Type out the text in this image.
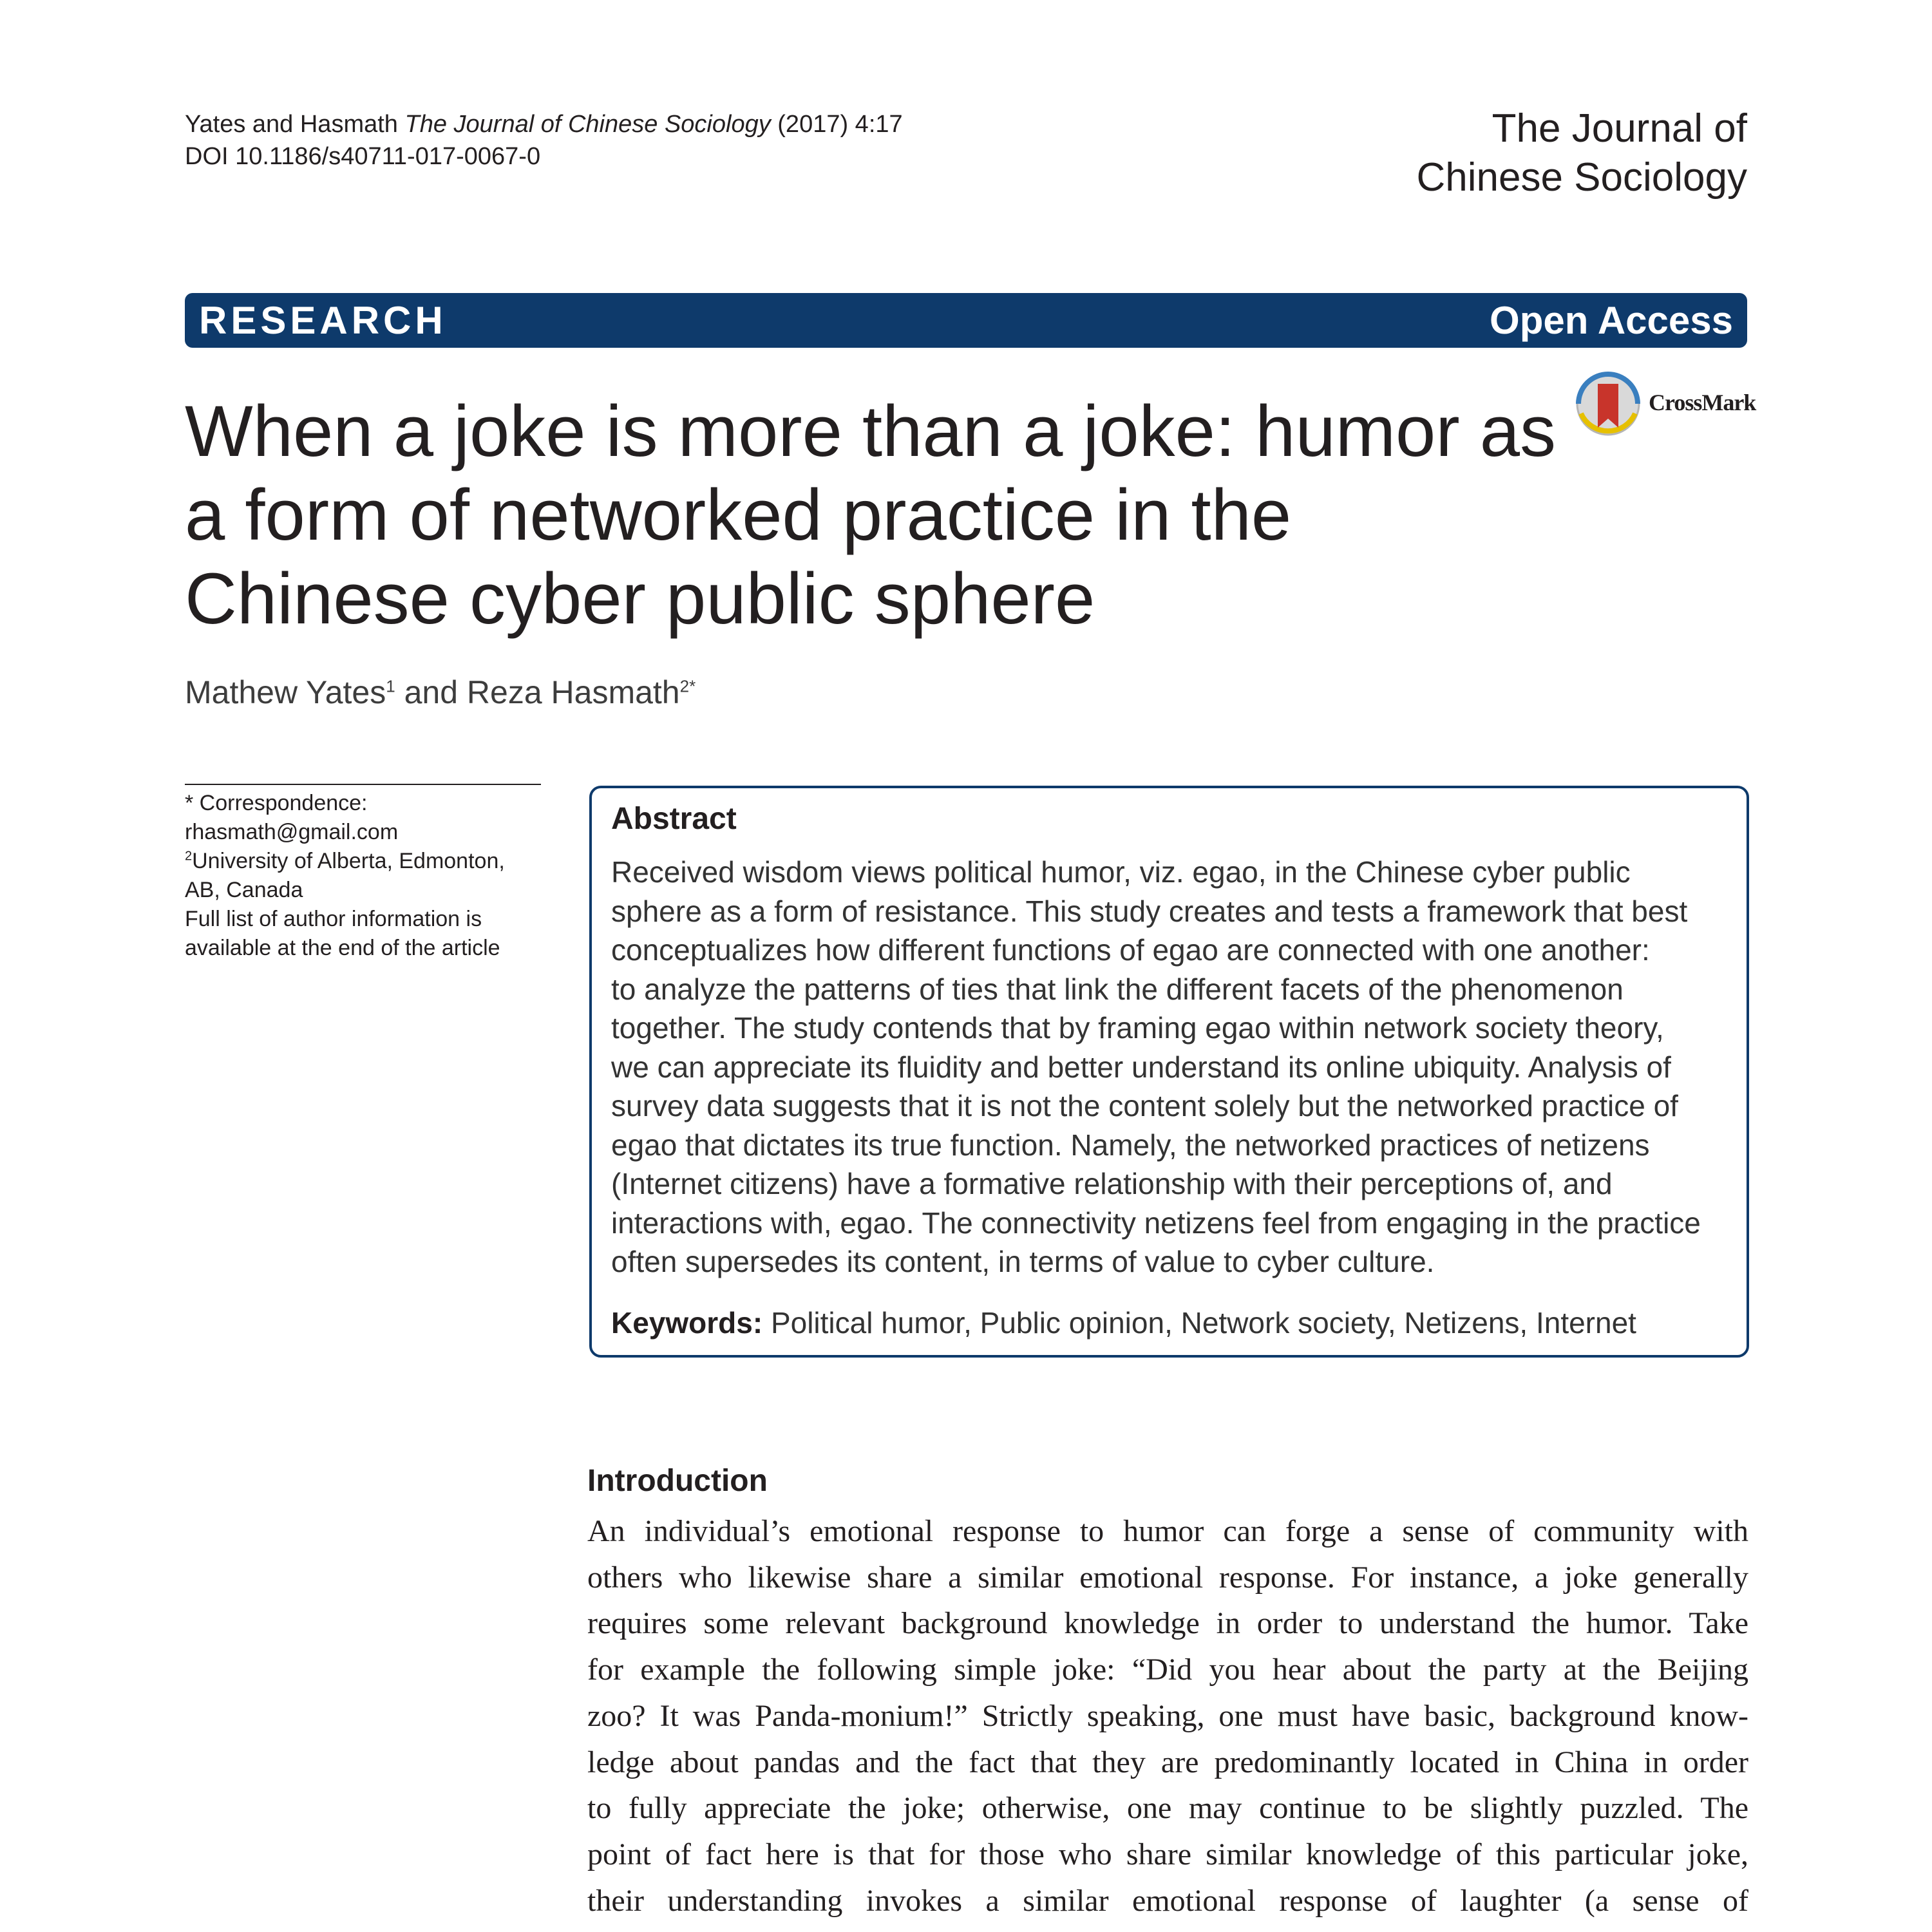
Yates and Hasmath The Journal of Chinese Sociology (2017) 4:17
DOI 10.1186/s40711-017-0067-0
The Journal of
Chinese Sociology
RESEARCH	Open Access
CrossMark
When a joke is more than a joke: humor as
a form of networked practice in the
Chinese cyber public sphere
Mathew Yates$^1$ and Reza Hasmath$^{2*}$
* Correspondence:
rhasmath@gmail.com
$^2$University of Alberta, Edmonton,
AB, Canada
Full list of author information is
available at the end of the article
Abstract
Received wisdom views political humor, viz. egao, in the Chinese cyber public
sphere as a form of resistance. This study creates and tests a framework that best
conceptualizes how different functions of egao are connected with one another:
to analyze the patterns of ties that link the different facets of the phenomenon
together. The study contends that by framing egao within network society theory,
we can appreciate its fluidity and better understand its online ubiquity. Analysis of
survey data suggests that it is not the content solely but the networked practice of
egao that dictates its true function. Namely, the networked practices of netizens
(Internet citizens) have a formative relationship with their perceptions of, and
interactions with, egao. The connectivity netizens feel from engaging in the practice
often supersedes its content, in terms of value to cyber culture.
Keywords: Political humor, Public opinion, Network society, Netizens, Internet
Introduction
An individual’s emotional response to humor can forge a sense of community with
others who likewise share a similar emotional response. For instance, a joke generally
requires some relevant background knowledge in order to understand the humor. Take
for example the following simple joke: “Did you hear about the party at the Beijing
zoo? It was Panda-monium!” Strictly speaking, one must have basic, background know-
ledge about pandas and the fact that they are predominantly located in China in order
to fully appreciate the joke; otherwise, one may continue to be slightly puzzled. The
point of fact here is that for those who share similar knowledge of this particular joke,
their understanding invokes a similar emotional response of laughter (a sense of
